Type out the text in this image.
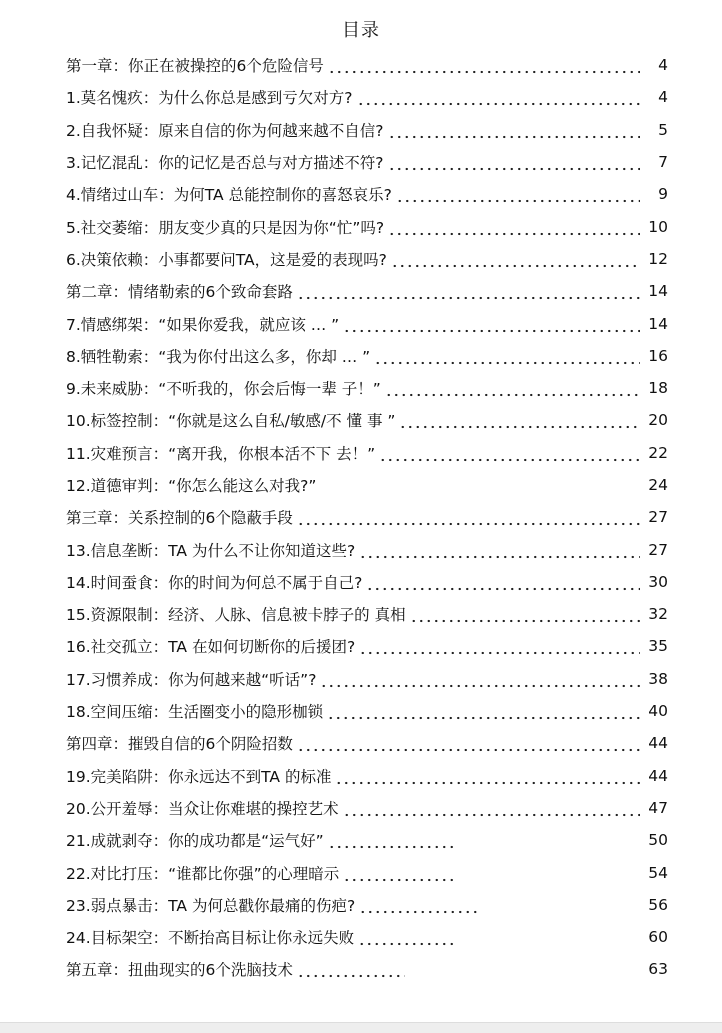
目录
第一章：你正在被操控的6个危险信号	4
1.莫名愧疚：为什么你总是感到亏欠对方?	4
2.自我怀疑：原来自信的你为何越来越不自信?	5
3.记忆混乱：你的记忆是否总与对方描述不符?	7
4.情绪过山车：为何TA 总能控制你的喜怒哀乐?	9
5.社交萎缩：朋友变少真的只是因为你“忙”吗?	10
6.决策依赖：小事都要问TA，这是爱的表现吗?	12
第二章：情绪勒索的6个致命套路	14
7.情感绑架：“如果你爱我，就应该 … ”	14
8.牺牲勒索：“我为你付出这么多，你却 … ”	16
9.未来威胁：“不听我的，你会后悔一辈 子！”	18
10.标签控制：“你就是这么自私/敏感/不 懂 事 ”	20
11.灾难预言：“离开我，你根本活不下 去！”	22
12.道德审判：“你怎么能这么对我?”	24
第三章：关系控制的6个隐蔽手段	27
13.信息垄断：TA 为什么不让你知道这些?	27
14.时间蚕食：你的时间为何总不属于自己?	30
15.资源限制：经济、人脉、信息被卡脖子的 真相	32
16.社交孤立：TA 在如何切断你的后援团?	35
17.习惯养成：你为何越来越“听话”?	38
18.空间压缩：生活圈变小的隐形枷锁	40
第四章：摧毁自信的6个阴险招数	44
19.完美陷阱：你永远达不到TA 的标准	44
20.公开羞辱：当众让你难堪的操控艺术	47
21.成就剥夺：你的成功都是“运气好”	50
22.对比打压：“谁都比你强”的心理暗示	54
23.弱点暴击：TA 为何总戳你最痛的伤疤?	56
24.目标架空：不断抬高目标让你永远失败	60
第五章：扭曲现实的6个洗脑技术	63
